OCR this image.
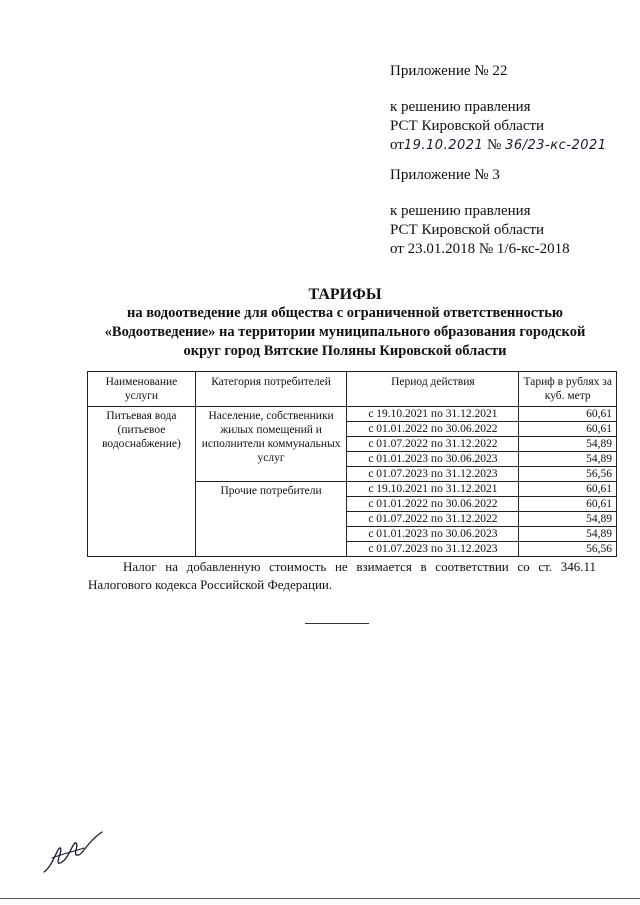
Приложение № 22
к решению правления
РСТ Кировской области
от19.10.2021 № 36/23-кс-2021
Приложение № 3
к решению правления
РСТ Кировской области
от 23.01.2018 № 1/6-кс-2018
ТАРИФЫ
на водоотведение для общества с ограниченной ответственностью
«Водоотведение» на территории муниципального образования городской
округ город Вятские Поляны Кировской области
Наименование услуги	Категория потребителей	Период действия	Тариф в рублях за куб. метр
Питьевая вода (питьевое водоснабжение)	Население, собственники жилых помещений и исполнители коммунальных услуг	с 19.10.2021 по 31.12.2021	60,61
		с 01.01.2022 по 30.06.2022	60,61
		с 01.07.2022 по 31.12.2022	54,89
		с 01.01.2023 по 30.06.2023	54,89
		с 01.07.2023 по 31.12.2023	56,56
	Прочие потребители	с 19.10.2021 по 31.12.2021	60,61
		с 01.01.2022 по 30.06.2022	60,61
		с 01.07.2022 по 31.12.2022	54,89
		с 01.01.2023 по 30.06.2023	54,89
		с 01.07.2023 по 31.12.2023	56,56

Налог на добавленную стоимость не взимается в соответствии со ст. 346.11 Налогового кодекса Российской Федерации.
